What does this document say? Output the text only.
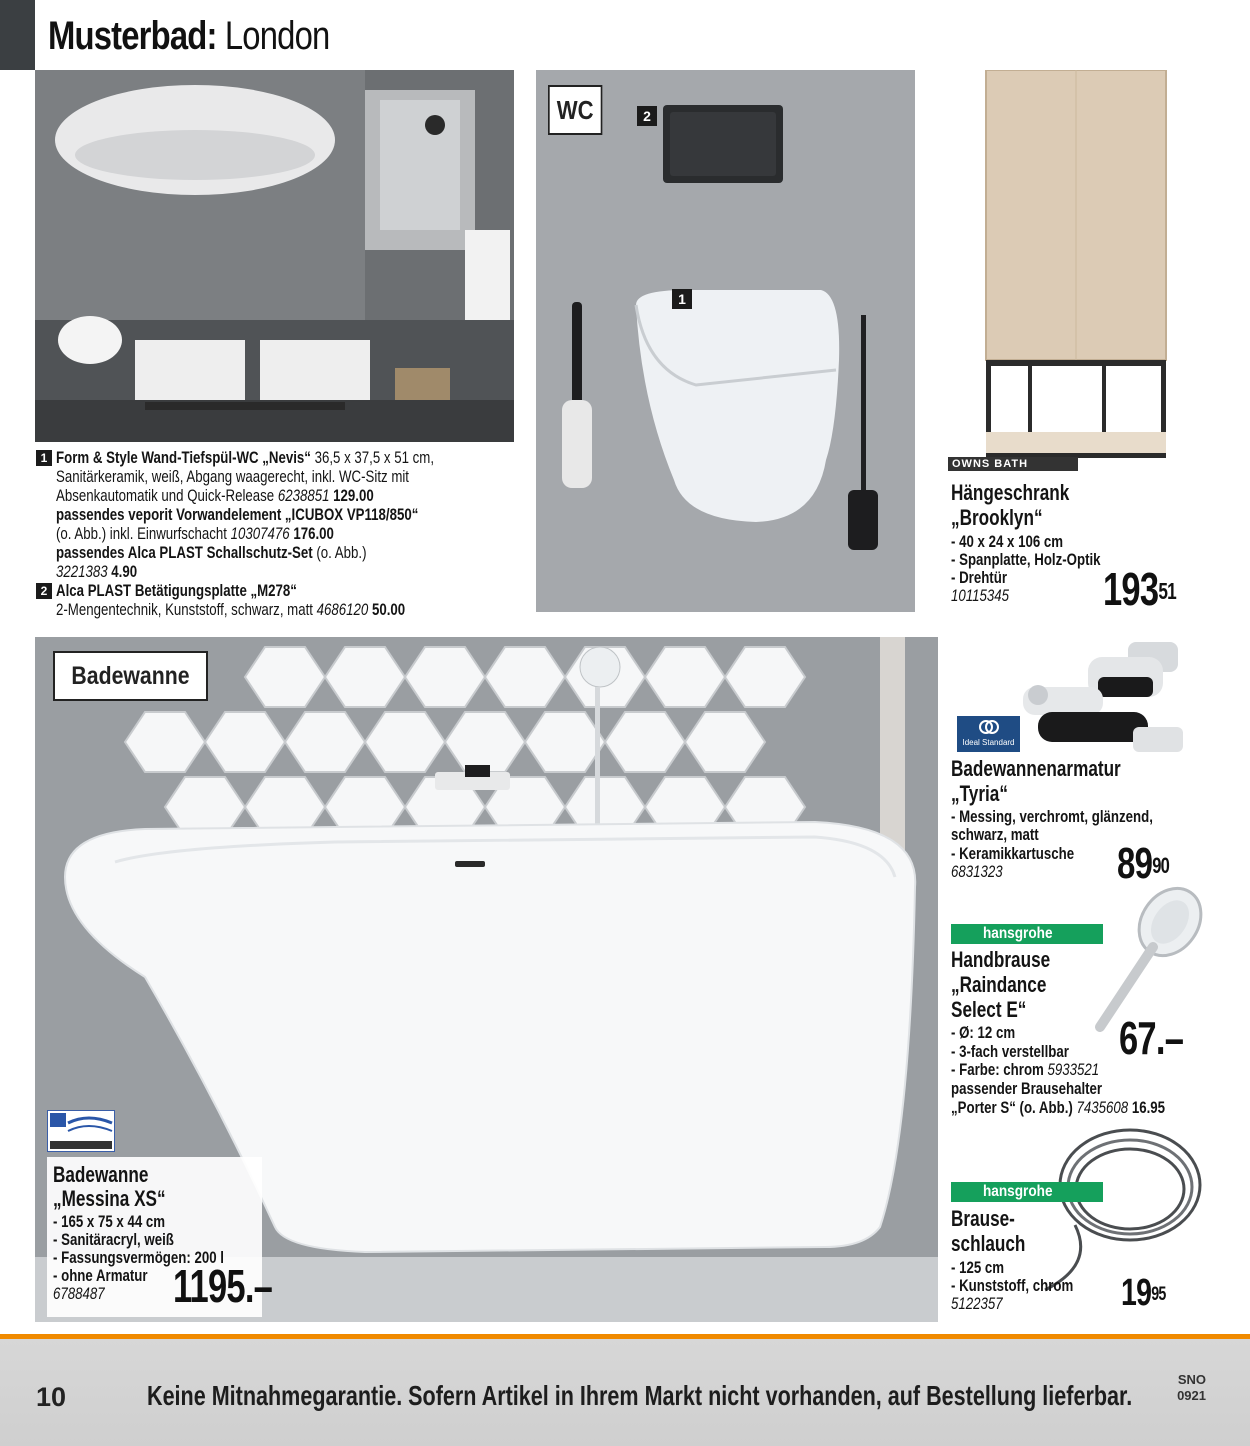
Musterbad: London
WC	2
1
OWNS BATH
Hängeschrank
„Brooklyn“
- 40 x 24 x 106 cm
- Spanplatte, Holz-Optik
- Drehtür
10115345 $193^{51}$
1 Form & Style Wand-Tiefspül-WC „Nevis“ 36,5 x 37,5 x 51 cm,
Sanitärkeramik, weiß, Abgang waagerecht, inkl. WC-Sitz mit
Absenkautomatik und Quick-Release 6238851 129.00
passendes veporit Vorwandelement „ICUBOX VP118/850“
(o. Abb.) inkl. Einwurfschacht 10307476 176.00
passendes Alca PLAST Schallschutz-Set (o. Abb.)
3221383 4.90
2 Alca PLAST Betätigungsplatte „M278“
2-Mengentechnik, Kunststoff, schwarz, matt 4686120 50.00
Badewanne
Badewanne
„Messina XS“
- 165 x 75 x 44 cm
- Sanitäracryl, weiß
- Fassungsvermögen: 200 l
- ohne Armatur
6788487 1195.–
Ideal Standard
Badewannenarmatur
„Tyria“
- Messing, verchromt, glänzend,
schwarz, matt
- Keramikkartusche
6831323	$89^{90}$
hansgrohe
Handbrause
„Raindance
Select E“
- Ø: 12 cm
- 3-fach verstellbar
- Farbe: chrom 5933521
67.–
passender Brausehalter
„Porter S“ (o. Abb.) 7435608 16.95
hansgrohe
Brause-
schlauch
- 125 cm
- Kunststoff, chrom
5122357	$19^{95}$
10	Keine Mitnahmegarantie. Sofern Artikel in Ihrem Markt nicht vorhanden, auf Bestellung lieferbar.
SNO
0921
